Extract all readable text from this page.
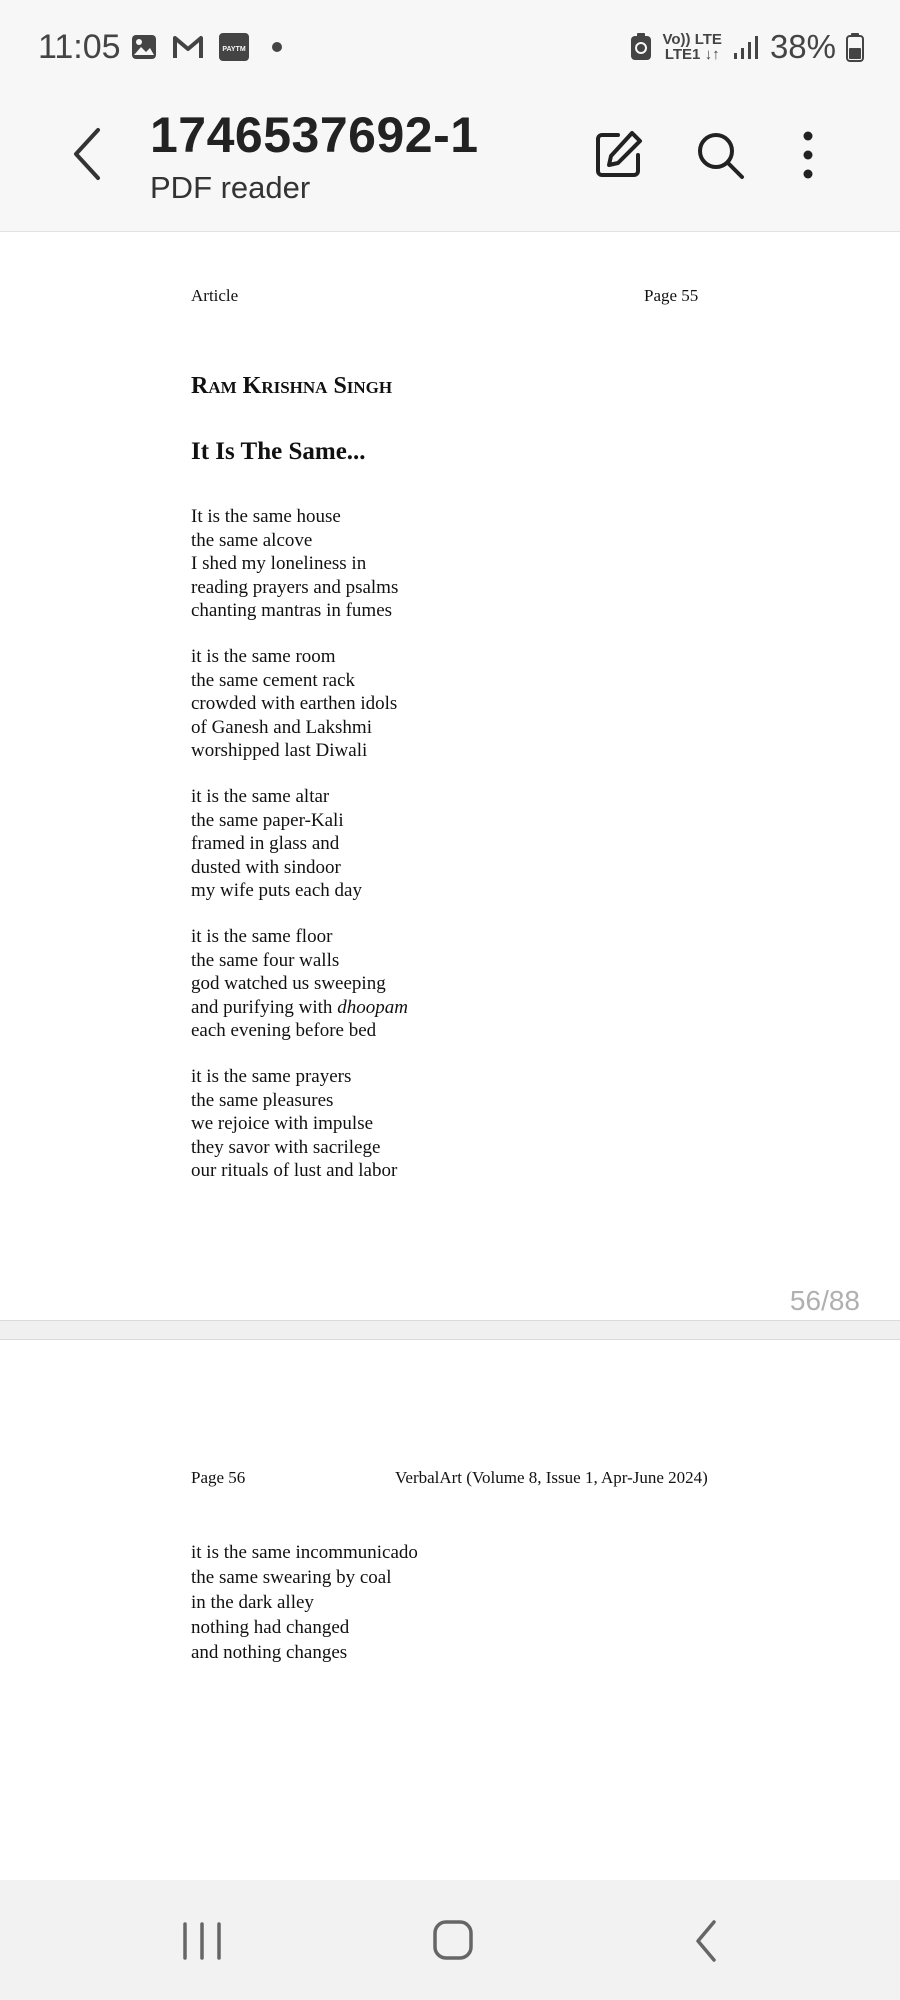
11:05	PAYTM
Vo)) LTE
LTE1 ↓↑ 38%
1746537692-1
PDF reader
Article	Page 55
Ram Krishna Singh
It Is The Same...
It is the same house
the same alcove
I shed my loneliness in
reading prayers and psalms
chanting mantras in fumes
it is the same room
the same cement rack
crowded with earthen idols
of Ganesh and Lakshmi
worshipped last Diwali
it is the same altar
the same paper-Kali
framed in glass and
dusted with sindoor
my wife puts each day
it is the same floor
the same four walls
god watched us sweeping
and purifying with dhoopam
each evening before bed
it is the same prayers
the same pleasures
we rejoice with impulse
they savor with sacrilege
our rituals of lust and labor
56/88
Page 56	VerbalArt (Volume 8, Issue 1, Apr-June 2024)
it is the same incommunicado
the same swearing by coal
in the dark alley
nothing had changed
and nothing changes
